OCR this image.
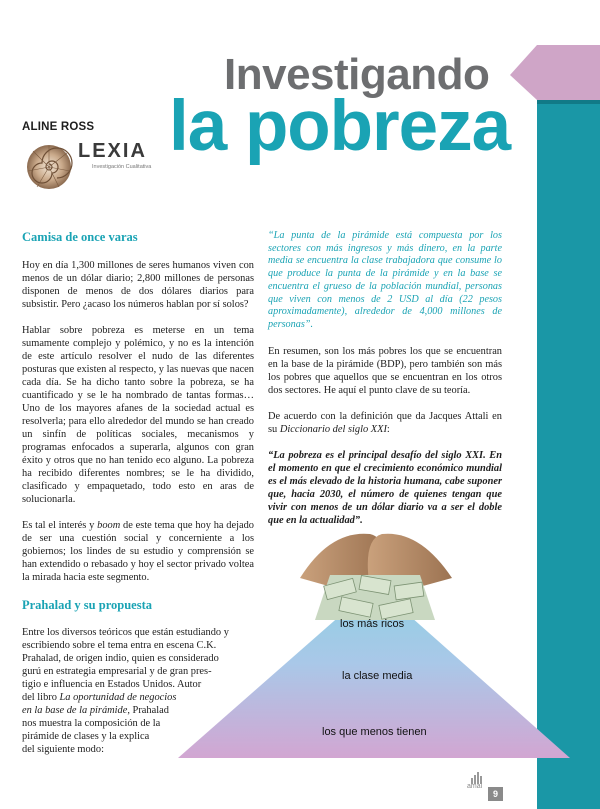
Investigando
la pobreza
ALINE ROSS
LEXIA
Investigación Cualitativa
Camisa de once varas

Hoy en día 1,300 millones de seres humanos viven con menos de un dólar diario; 2,800 millones de personas disponen de menos de dos dólares diarios para subsistir. Pero ¿acaso los números hablan por sí solos?

Hablar sobre pobreza es meterse en un tema sumamente complejo y polémico, y no es la intención de este artículo resolver el nudo de las diferentes posturas que existen al respecto, y las nuevas que nacen cada día. Se ha dicho tanto sobre la pobreza, se ha cuantificado y se le ha nombrado de tantas formas… Uno de los mayores afanes de la sociedad actual es resolverla; para ello alrededor del mundo se han creado un sinfín de políticas sociales, mecanismos y programas enfocados a superarla, algunos con gran éxito y otros que no han tenido eco alguno. La pobreza ha recibido diferentes nombres; se le ha dividido, clasificado y empaquetado, todo esto en aras de solucionarla.

Es tal el interés y boom de este tema que hoy ha dejado de ser una cuestión social y concerniente a los gobiernos; los lindes de su estudio y comprensión se han extendido o rebasado y hoy el sector privado voltea la mirada hacia este segmento.

Prahalad y su propuesta

Entre los diversos teóricos que están estudiando y
escribiendo sobre el tema entra en escena C.K.
Prahalad, de origen indio, quien es considerado
gurú en estrategia empresarial y de gran pres-
tigio e influencia en Estados Unidos. Autor
del libro La oportunidad de negocios
en la base de la pirámide, Prahalad
nos muestra la composición de la
pirámide de clases y la explica
del siguiente modo:

“La punta de la pirámide está compuesta por los sectores con más ingresos y más dinero, en la parte media se encuentra la clase trabajadora que consume lo que produce la punta de la pirámide y en la base se encuentra el grueso de la población mundial, personas que viven con menos de 2 USD al día (22 pesos aproximadamente), alrededor de 4,000 millones de personas”.

En resumen, son los más pobres los que se encuentran en la base de la pirámide (BDP), pero también son más los pobres que aquellos que se encuentran en los otros dos sectores. He aquí el punto clave de su teoría.

De acuerdo con la definición que da Jacques Attali en su Diccionario del siglo XXI:

“La pobreza es el principal desafío del siglo XXI. En el momento en que el crecimiento económico mundial es el más elevado de la historia humana, cabe suponer que, hacia 2030, el número de quienes tengan que vivir con menos de un dólar diario va a ser el doble que en la actualidad”.

los más ricos
la clase media
los que menos tienen
amai
9
